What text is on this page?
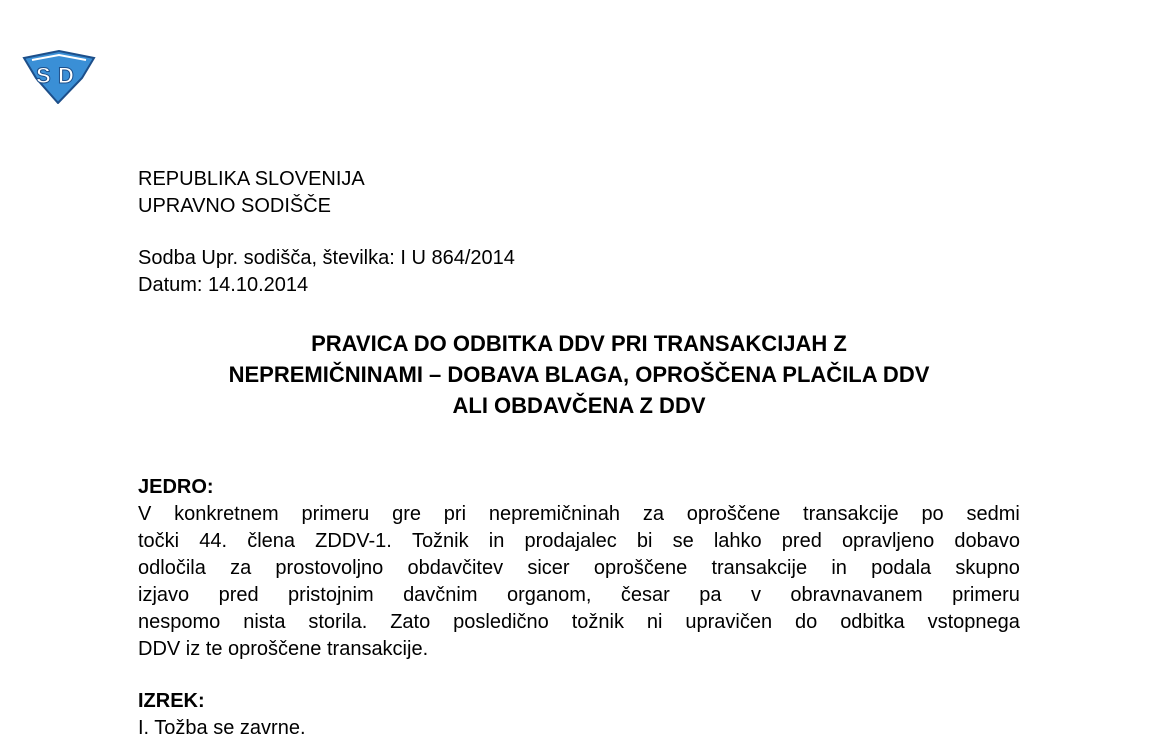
S D
REPUBLIKA SLOVENIJA
UPRAVNO SODIŠČE
Sodba Upr. sodišča, številka: I U 864/2014
Datum: 14.10.2014
PRAVICA DO ODBITKA DDV PRI TRANSAKCIJAH Z
NEPREMIČNINAMI – DOBAVA BLAGA, OPROŠČENA PLAČILA DDV
ALI OBDAVČENA Z DDV
JEDRO:
V konkretnem primeru gre pri nepremičninah za oproščene transakcije po sedmi
točki 44. člena ZDDV-1. Tožnik in prodajalec bi se lahko pred opravljeno dobavo
odločila za prostovoljno obdavčitev sicer oproščene transakcije in podala skupno
izjavo pred pristojnim davčnim organom, česar pa v obravnavanem primeru
nespomo nista storila. Zato posledično tožnik ni upravičen do odbitka vstopnega
DDV iz te oproščene transakcije.
IZREK:
I. Tožba se zavrne.
